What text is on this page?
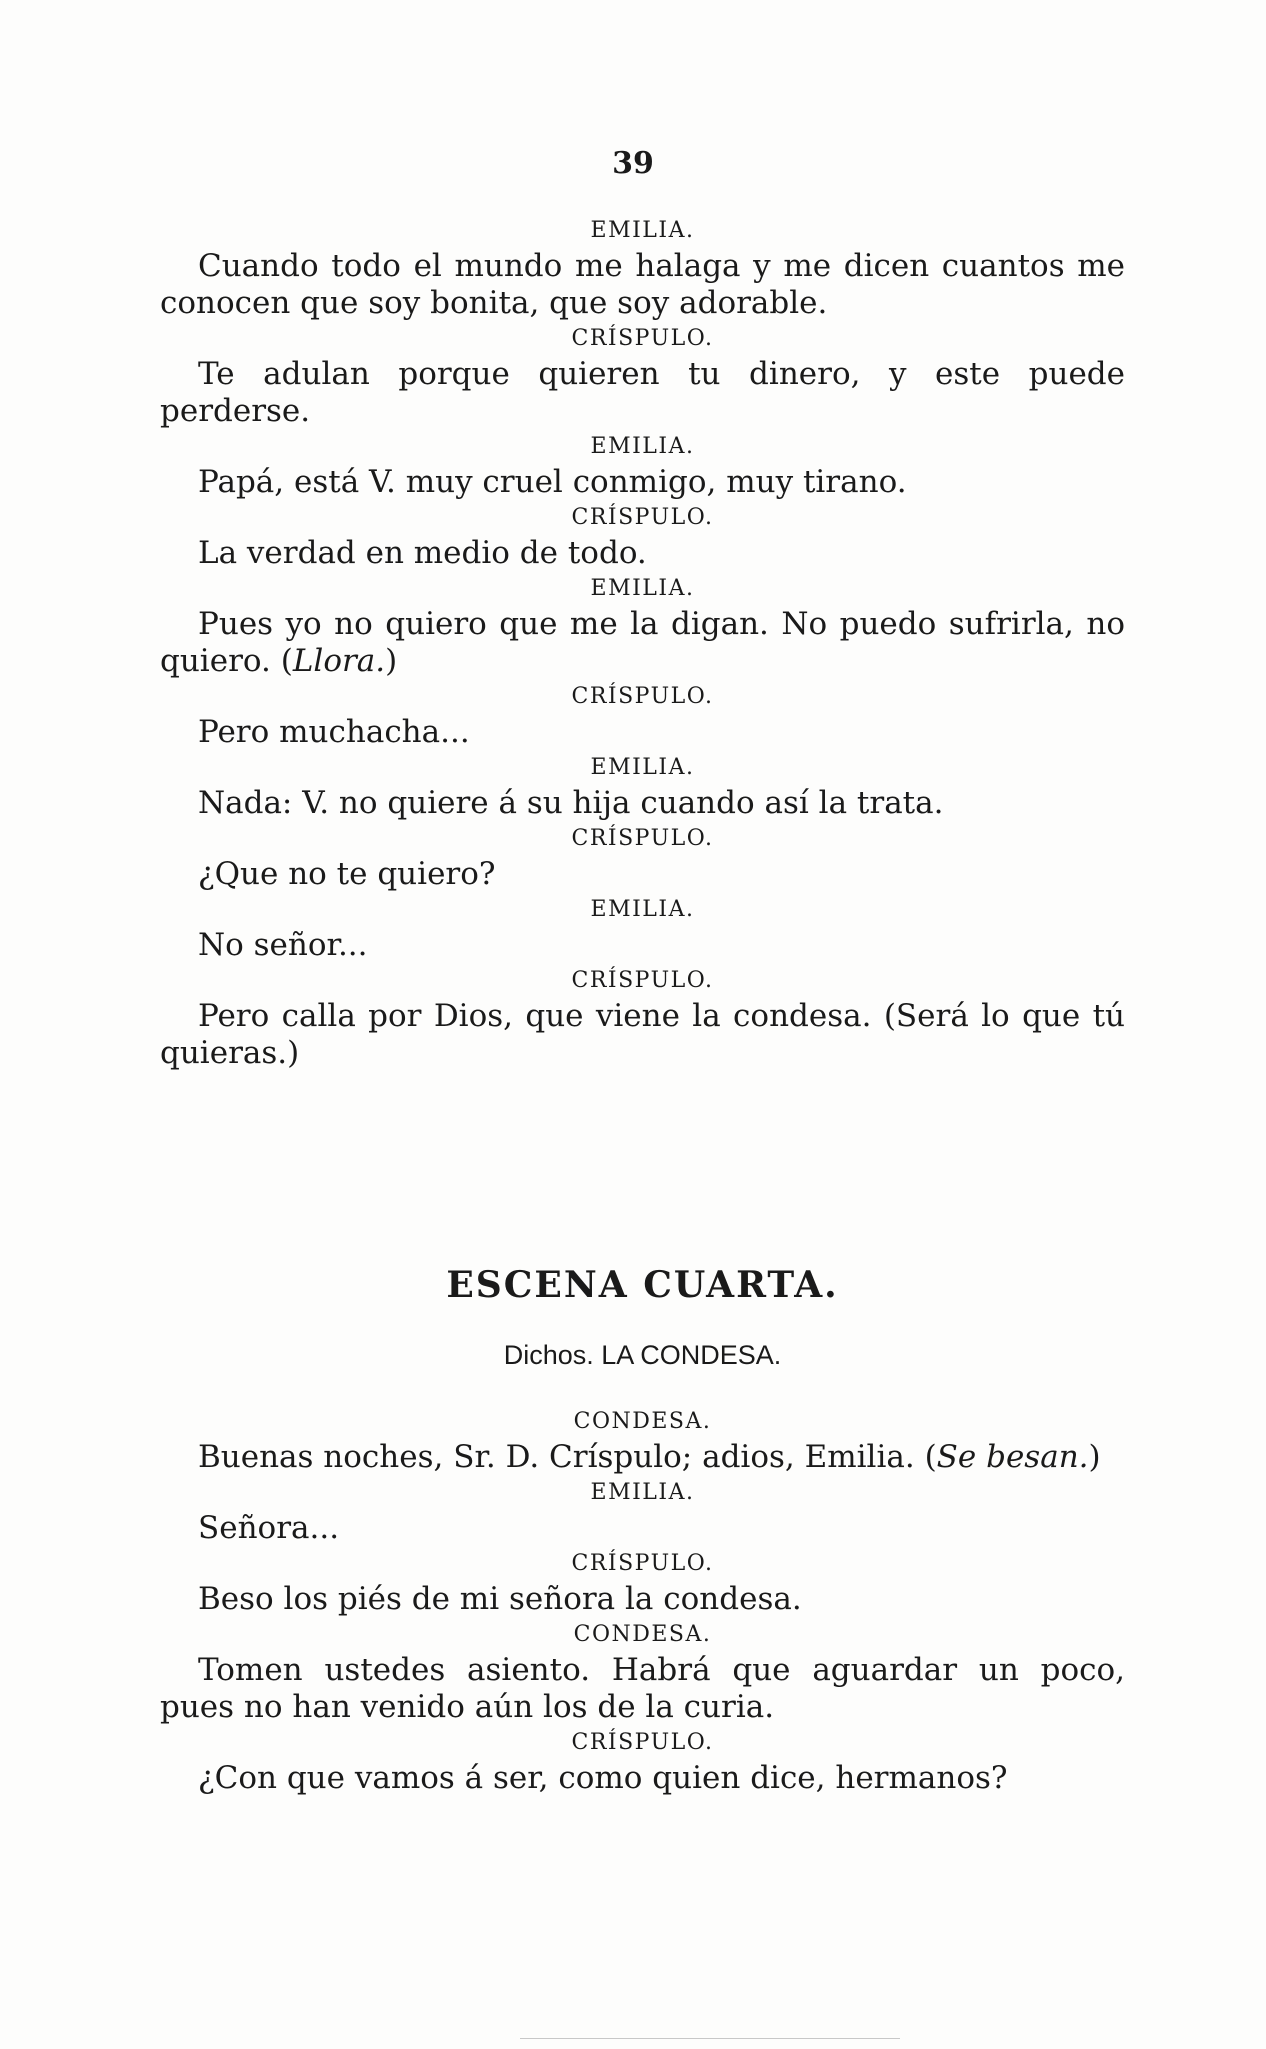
39
EMILIA.

Cuando todo el mundo me halaga y me dicen cuantos me conocen que soy bonita, que soy adorable.

CRÍSPULO.

Te adulan porque quieren tu dinero, y este puede perderse.

EMILIA.

Papá, está V. muy cruel conmigo, muy tirano.

CRÍSPULO.

La verdad en medio de todo.

EMILIA.

Pues yo no quiero que me la digan. No puedo sufrirla, no quiero. (Llora.)

CRÍSPULO.

Pero muchacha...

EMILIA.

Nada: V. no quiere á su hija cuando así la trata.

CRÍSPULO.

¿Que no te quiero?

EMILIA.

No señor...

CRÍSPULO.

Pero calla por Dios, que viene la condesa. (Será lo que tú quieras.)

ESCENA CUARTA.

Dichos. LA CONDESA.

CONDESA.

Buenas noches, Sr. D. Críspulo; adios, Emilia. (Se besan.)

EMILIA.

Señora...

CRÍSPULO.

Beso los piés de mi señora la condesa.

CONDESA.

Tomen ustedes asiento. Habrá que aguardar un poco, pues no han venido aún los de la curia.

CRÍSPULO.

¿Con que vamos á ser, como quien dice, hermanos?
